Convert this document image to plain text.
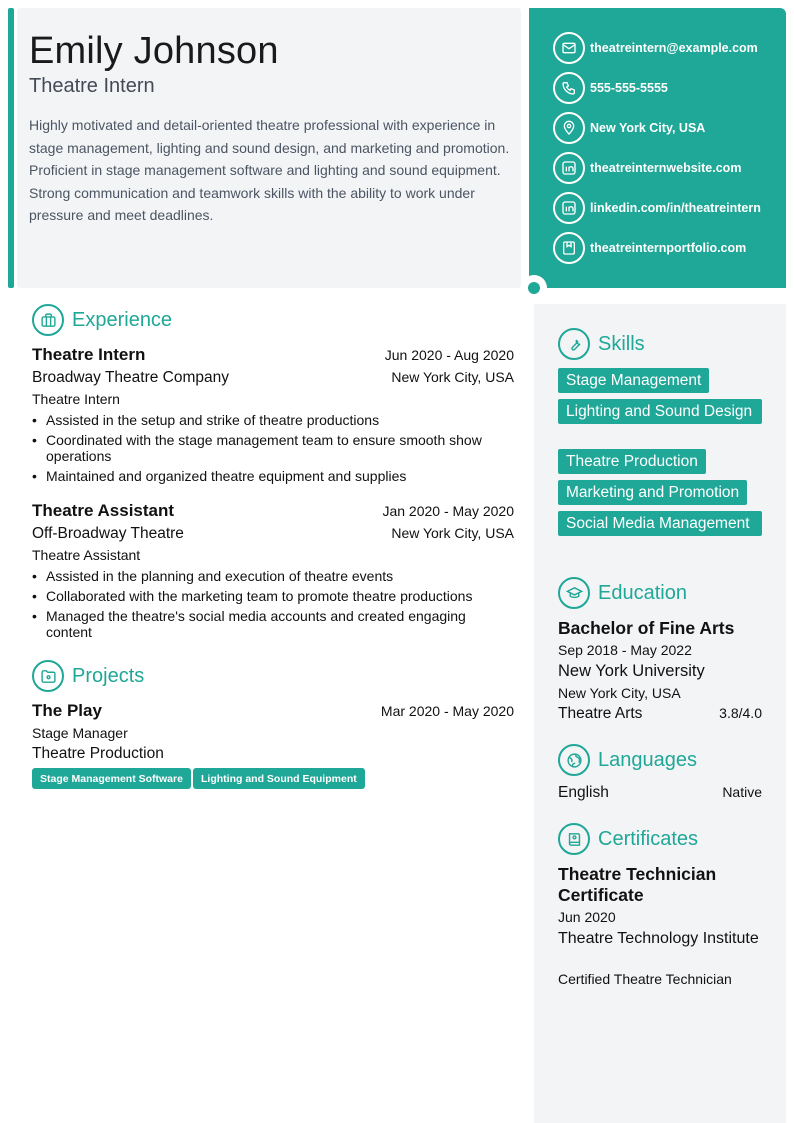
Emily Johnson
Theatre Intern
Highly motivated and detail-oriented theatre professional with experience in stage management, lighting and sound design, and marketing and promotion. Proficient in stage management software and lighting and sound equipment. Strong communication and teamwork skills with the ability to work under pressure and meet deadlines.
theatreintern@example.com
555-555-5555
New York City, USA
theatreinternwebsite.com
linkedin.com/in/theatreintern
theatreinternportfolio.com
Experience
Theatre Intern	Jun 2020 - Aug 2020
Broadway Theatre Company	New York City, USA
Theatre Intern
• Assisted in the setup and strike of theatre productions
• Coordinated with the stage management team to ensure smooth show operations
• Maintained and organized theatre equipment and supplies
Theatre Assistant	Jan 2020 - May 2020
Off-Broadway Theatre	New York City, USA
Theatre Assistant
• Assisted in the planning and execution of theatre events
• Collaborated with the marketing team to promote theatre productions
• Managed the theatre's social media accounts and created engaging content
Projects
The Play	Mar 2020 - May 2020
Stage Manager
Theatre Production
Stage Management Software	Lighting and Sound Equipment
Skills
Stage Management
Lighting and Sound Design
Theatre Production
Marketing and Promotion
Social Media Management
Education
Bachelor of Fine Arts
Sep 2018 - May 2022
New York University
New York City, USA
Theatre Arts	3.8/4.0
Languages
English	Native
Certificates
Theatre Technician Certificate
Jun 2020
Theatre Technology Institute
Certified Theatre Technician
